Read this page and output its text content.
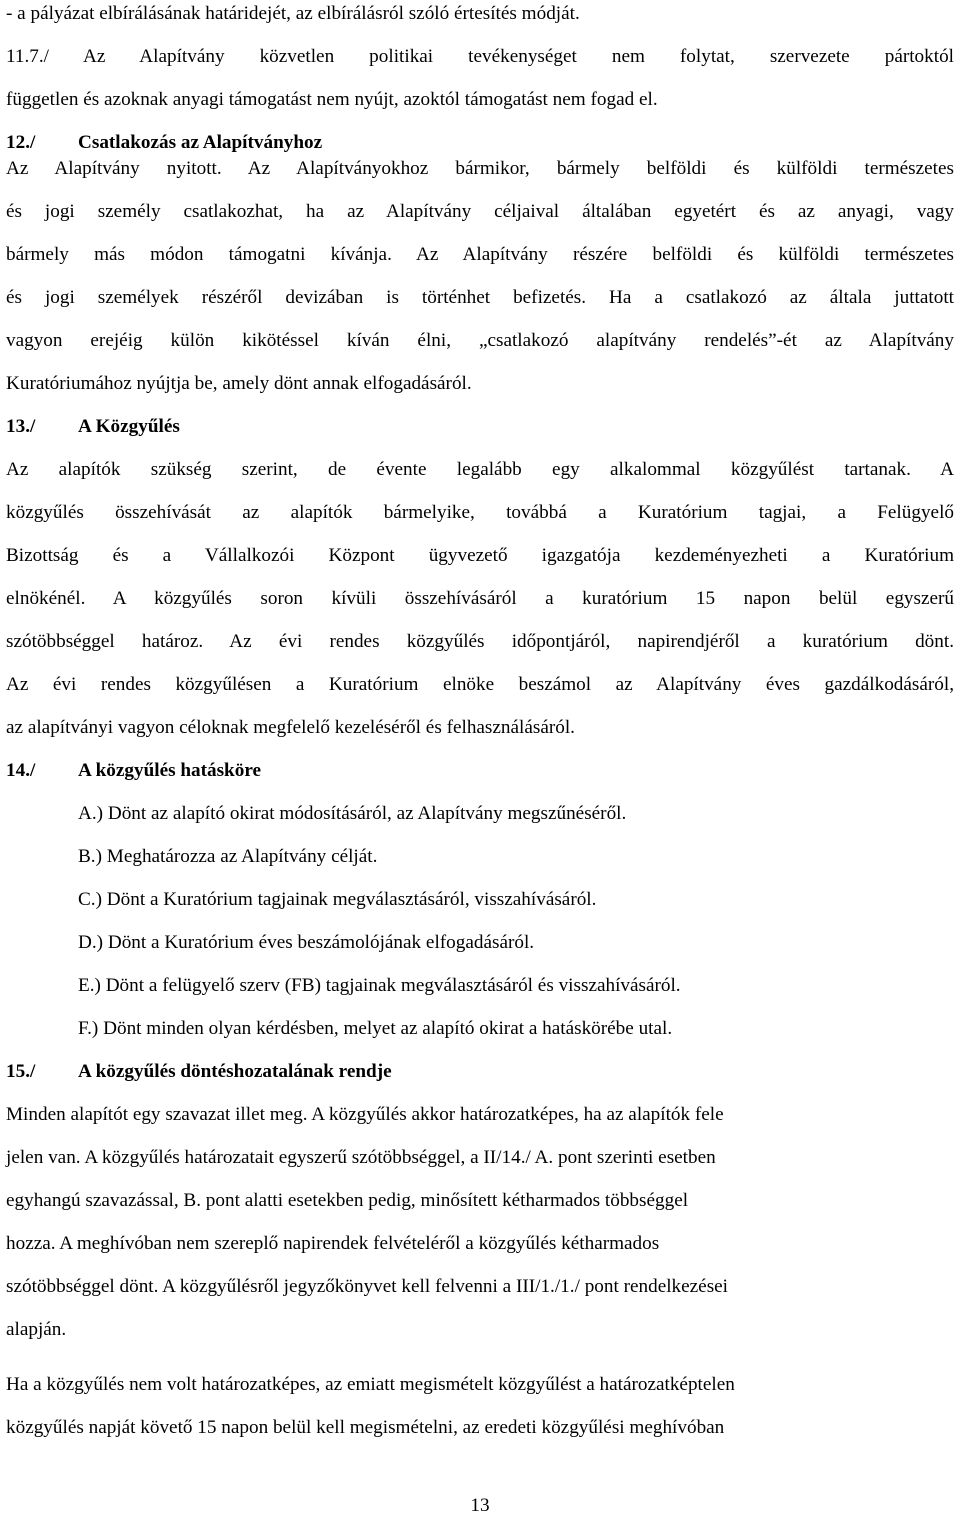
- a pályázat elbírálásának határidejét, az elbírálásról szóló értesítés módját.
11.7./ Az Alapítvány közvetlen politikai tevékenységet nem folytat, szervezete pártoktól
független és azoknak anyagi támogatást nem nyújt, azoktól támogatást nem fogad el.
12./ Csatlakozás az Alapítványhoz
Az Alapítvány nyitott. Az Alapítványokhoz bármikor, bármely belföldi és külföldi természetes
és jogi személy csatlakozhat, ha az Alapítvány céljaival általában egyetért és az anyagi, vagy
bármely más módon támogatni kívánja. Az Alapítvány részére belföldi és külföldi természetes
és jogi személyek részéről devizában is történhet befizetés. Ha a csatlakozó az általa juttatott
vagyon erejéig külön kikötéssel kíván élni, „csatlakozó alapítvány rendelés”-ét az Alapítvány
Kuratóriumához nyújtja be, amely dönt annak elfogadásáról.
13./ A Közgyűlés
Az alapítók szükség szerint, de évente legalább egy alkalommal közgyűlést tartanak. A
közgyűlés összehívását az alapítók bármelyike, továbbá a Kuratórium tagjai, a Felügyelő
Bizottság és a Vállalkozói Központ ügyvezető igazgatója kezdeményezheti a Kuratórium
elnökénél. A közgyűlés soron kívüli összehívásáról a kuratórium 15 napon belül egyszerű
szótöbbséggel határoz. Az évi rendes közgyűlés időpontjáról, napirendjéről a kuratórium dönt.
Az évi rendes közgyűlésen a Kuratórium elnöke beszámol az Alapítvány éves gazdálkodásáról,
az alapítványi vagyon céloknak megfelelő kezeléséről és felhasználásáról.
14./ A közgyűlés hatásköre
A.) Dönt az alapító okirat módosításáról, az Alapítvány megszűnéséről.
B.) Meghatározza az Alapítvány célját.
C.) Dönt a Kuratórium tagjainak megválasztásáról, visszahívásáról.
D.) Dönt a Kuratórium éves beszámolójának elfogadásáról.
E.) Dönt a felügyelő szerv (FB) tagjainak megválasztásáról és visszahívásáról.
F.) Dönt minden olyan kérdésben, melyet az alapító okirat a hatáskörébe utal.
15./ A közgyűlés döntéshozatalának rendje
Minden alapítót egy szavazat illet meg. A közgyűlés akkor határozatképes, ha az alapítók fele
jelen van. A közgyűlés határozatait egyszerű szótöbbséggel, a II/14./ A. pont szerinti esetben
egyhangú szavazással, B. pont alatti esetekben pedig, minősített kétharmados többséggel
hozza. A meghívóban nem szereplő napirendek felvételéről a közgyűlés kétharmados
szótöbbséggel dönt. A közgyűlésről jegyzőkönyvet kell felvenni a III/1./1./ pont rendelkezései
alapján.
Ha a közgyűlés nem volt határozatképes, az emiatt megismételt közgyűlést a határozatképtelen
közgyűlés napját követő 15 napon belül kell megismételni, az eredeti közgyűlési meghívóban
13
